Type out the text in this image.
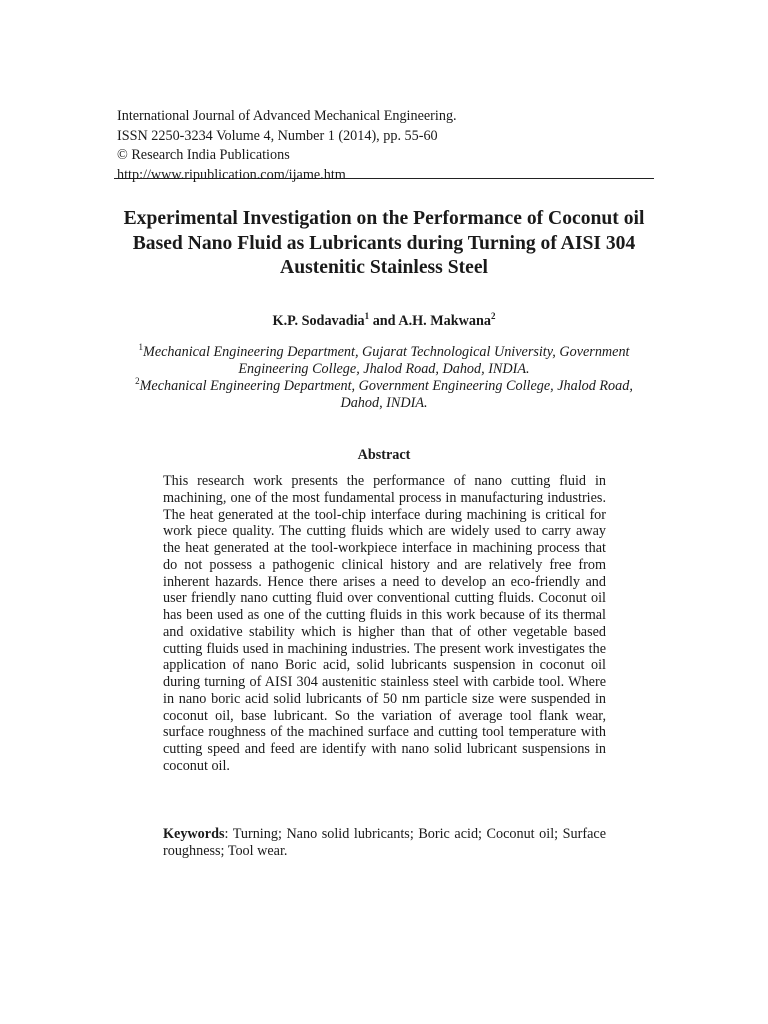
International Journal of Advanced Mechanical Engineering.
ISSN 2250-3234 Volume 4, Number 1 (2014), pp. 55-60
© Research India Publications
http://www.ripublication.com/ijame.htm
Experimental Investigation on the Performance of Coconut oil Based Nano Fluid as Lubricants during Turning of AISI 304 Austenitic Stainless Steel
K.P. Sodavadia$^1$ and A.H. Makwana$^2$
$^1$Mechanical Engineering Department, Gujarat Technological University, Government Engineering College, Jhalod Road, Dahod, INDIA.
$^2$Mechanical Engineering Department, Government Engineering College, Jhalod Road, Dahod, INDIA.
Abstract
This research work presents the performance of nano cutting fluid in machining, one of the most fundamental process in manufacturing industries. The heat generated at the tool-chip interface during machining is critical for work piece quality. The cutting fluids which are widely used to carry away the heat generated at the tool-workpiece interface in machining process that do not possess a pathogenic clinical history and are relatively free from inherent hazards. Hence there arises a need to develop an eco-friendly and user friendly nano cutting fluid over conventional cutting fluids. Coconut oil has been used as one of the cutting fluids in this work because of its thermal and oxidative stability which is higher than that of other vegetable based cutting fluids used in machining industries. The present work investigates the application of nano Boric acid, solid lubricants suspension in coconut oil during turning of AISI 304 austenitic stainless steel with carbide tool. Where in nano boric acid solid lubricants of 50 nm particle size were suspended in coconut oil, base lubricant. So the variation of average tool flank wear, surface roughness of the machined surface and cutting tool temperature with cutting speed and feed are identify with nano solid lubricant suspensions in coconut oil.
Keywords: Turning; Nano solid lubricants; Boric acid; Coconut oil; Surface roughness; Tool wear.
